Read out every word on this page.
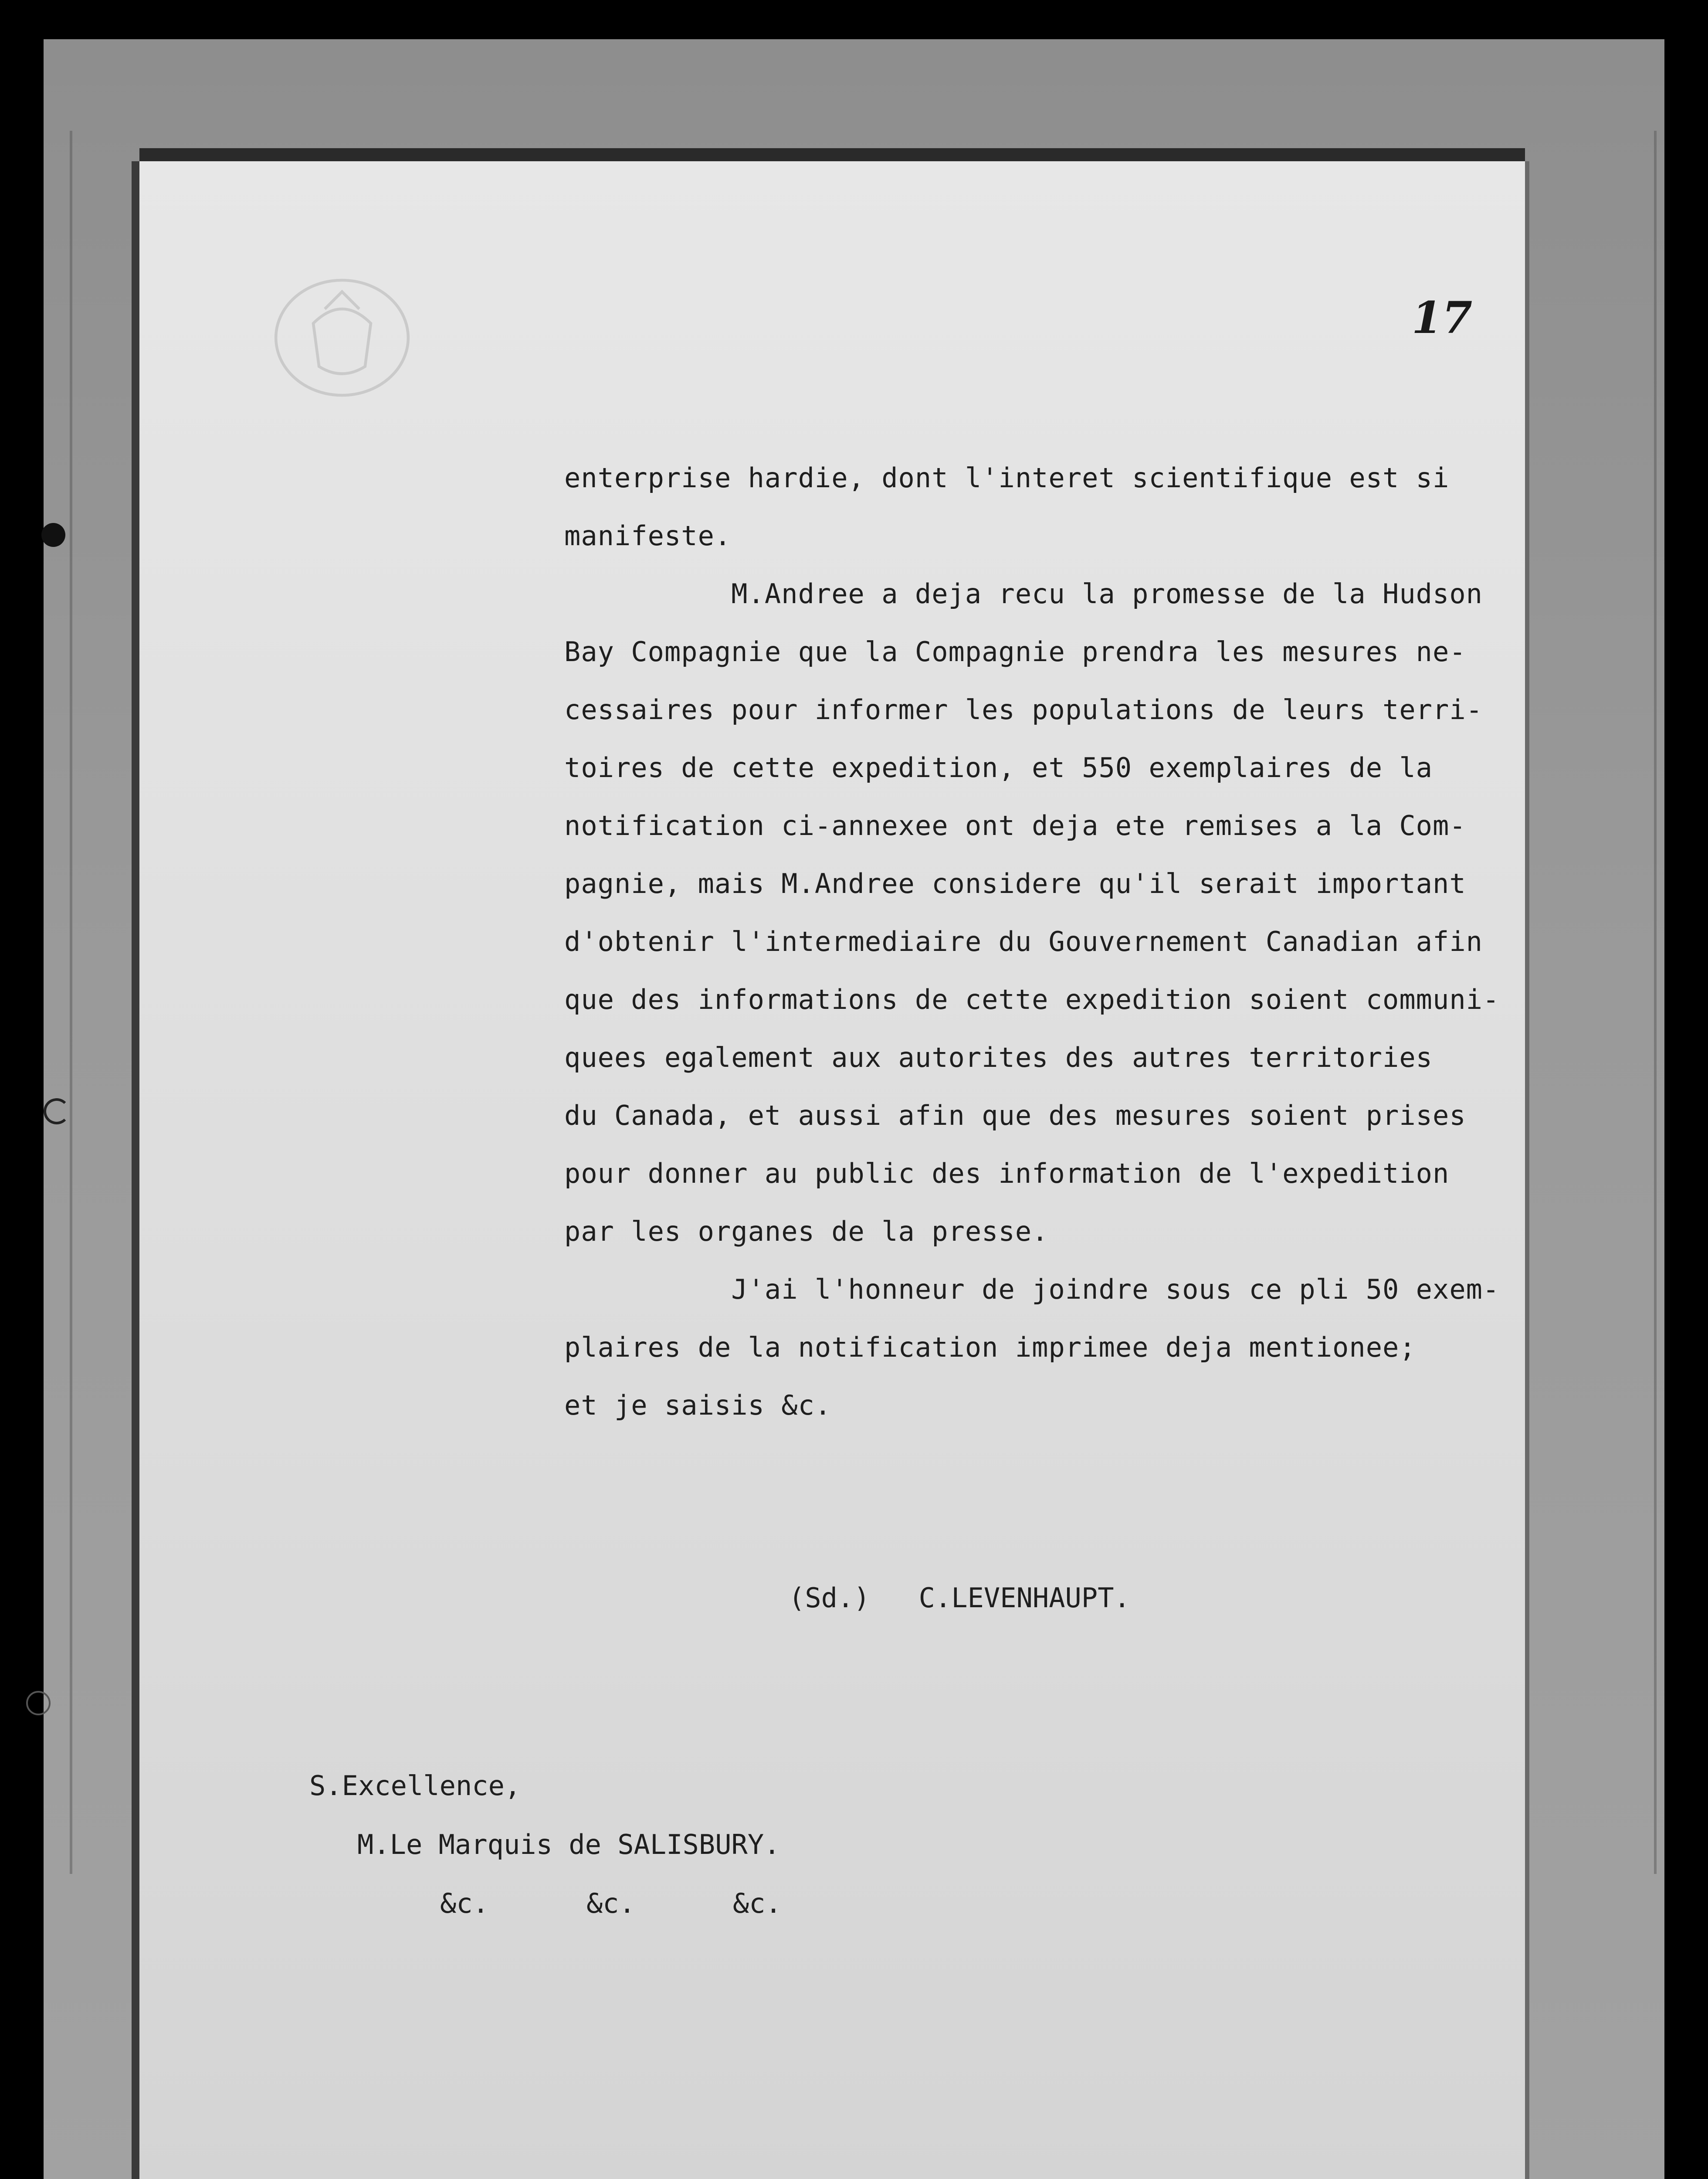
17

enterprise hardie, dont l'interet scientifique est si

manifeste.

M.Andree a deja recu la promesse de la Hudson

Bay Compagnie que la Compagnie prendra les mesures ne-

cessaires pour informer les populations de leurs terri-

toires de cette expedition, et 550 exemplaires de la

notification ci-annexee ont deja ete remises a la Com-

pagnie, mais M.Andree considere qu'il serait important

d'obtenir l'intermediaire du Gouvernement Canadian afin

que des informations de cette expedition soient communi-

quees egalement aux autorites des autres territories

du Canada, et aussi afin que des mesures soient prises

pour donner au public des information de l'expedition

par les organes de la presse.

J'ai l'honneur de joindre sous ce pli 50 exem-

plaires de la notification imprimee deja mentionee;

et je saisis &c.

(Sd.)   C.LEVENHAUPT.
S.Excellence,
M.Le Marquis de SALISBURY.
&c.      &c.      &c.
